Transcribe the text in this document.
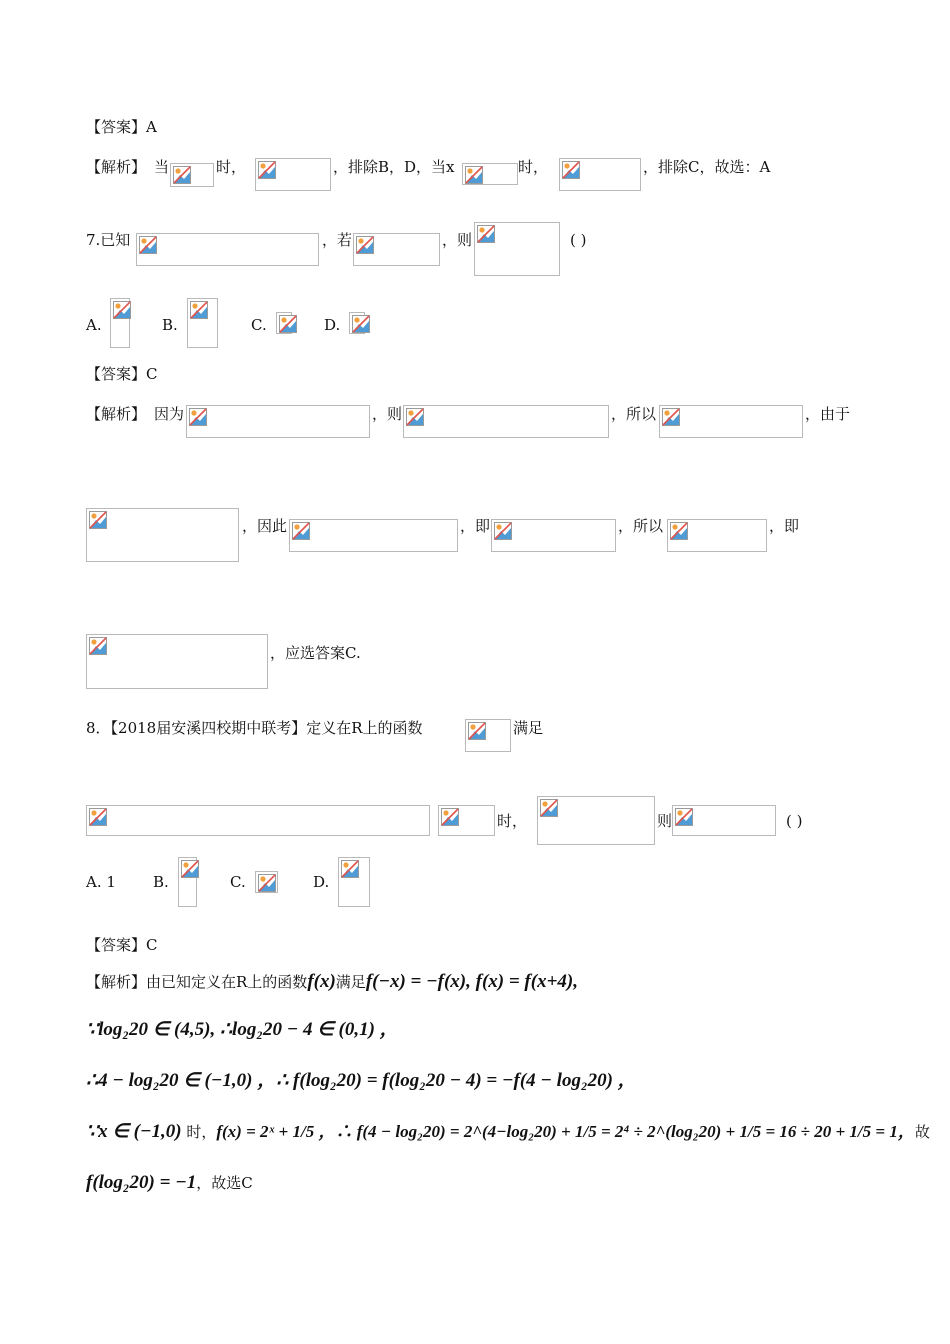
【答案】A
【解析】 当	时，	，排除B，D，当x	时，	，排除C，故选：A
7.已知	，若	，则	( )
A.	B.	C.	D.
【答案】C
【解析】 因为	，则	，所以	，由于
，因此	，即	，所以	，即
，应选答案C.
8．【2018届安溪四校期中联考】定义在R上的函数	满足
时，	则	( )
A. 1 B.	C.	D.
【答案】C
【解析】由已知定义在R上的函数f(x)满足f(−x) = −f(x), f(x) = f(x+4),
∵log₂20 ∈ (4,5), ∴log₂20 − 4 ∈ (0,1) ，
∴4 − log₂20 ∈ (−1,0) ，∴ f(log₂20) = f(log₂20 − 4) = −f(4 − log₂20) ，
∵x ∈ (−1,0) 时，f(x) = 2ˣ + 1/5 ，∴ f(4 − log₂20) = 2^(4−log₂20) + 1/5 = 2⁴ ÷ 2^(log₂20) + 1/5 = 16 ÷ 20 + 1/5 = 1，故
f(log₂20) = −1，故选C
